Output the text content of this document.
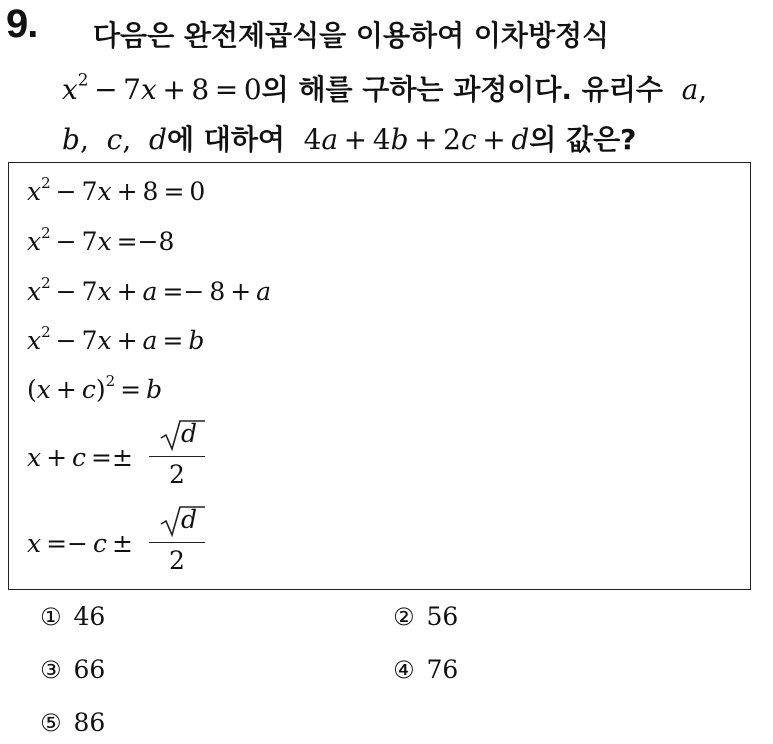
9. 다음은 완전제곱식을 이용하여 이차방정식
$x^2 - 7x + 8 = 0$의 해를 구하는 과정이다. 유리수 a,
b,  c,  d에 대하여  4a + 4b + 2c + d의 값은?
$x^2 - 7x + 8 = 0$
$x^2 - 7x =-8$
$x^2 - 7x + a =- 8 + a$
$x^2 - 7x + a = b$
$(x + c)^2 = b$
x + c =±
d
2
x =− c ±
d
2
① 46	② 56
③ 66	④ 76
⑤ 86
